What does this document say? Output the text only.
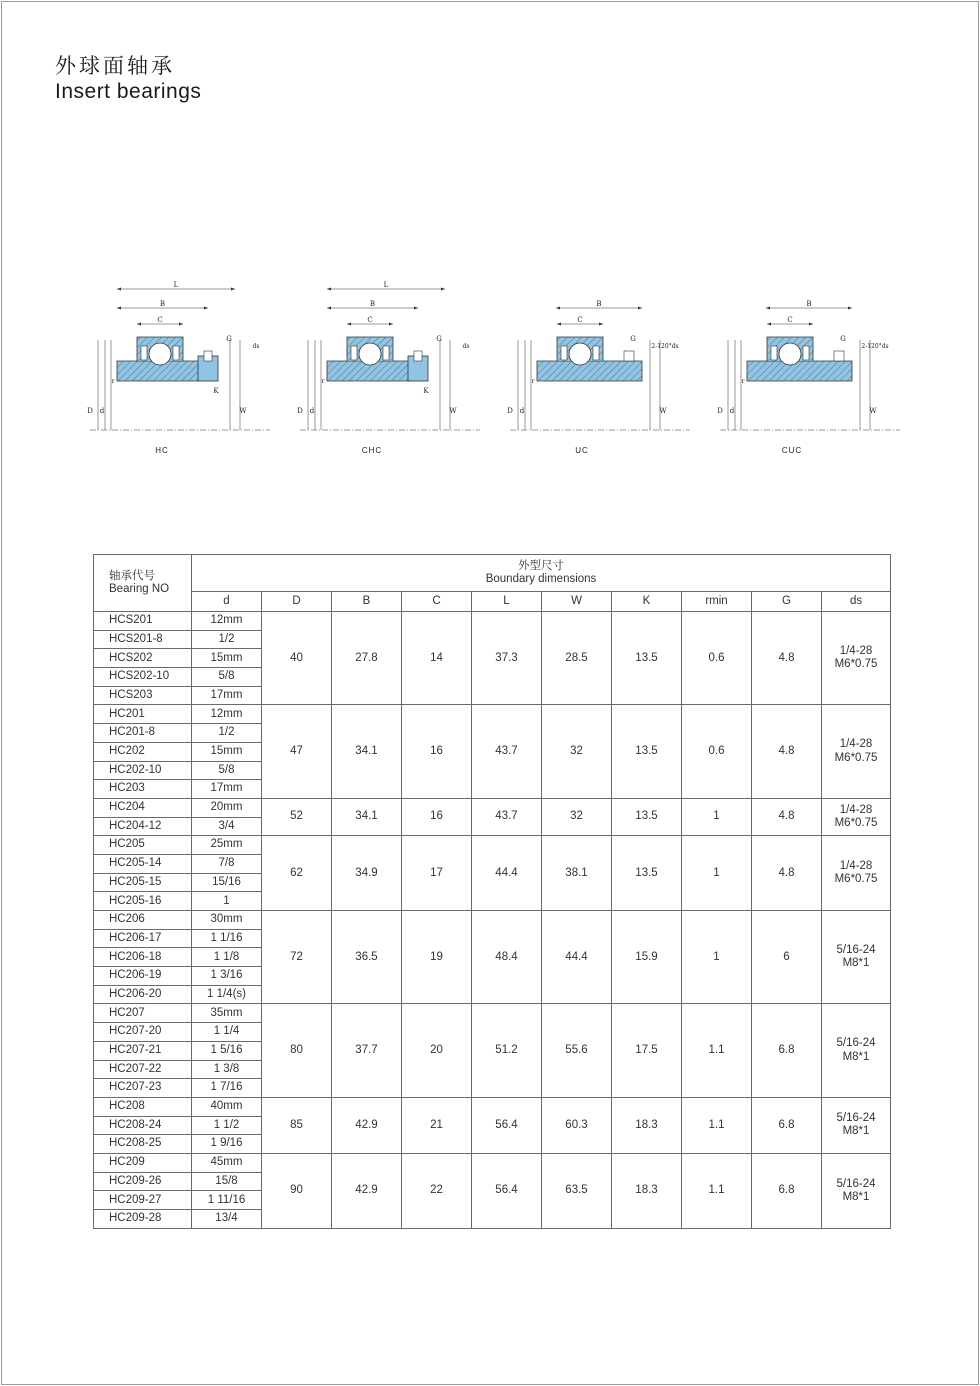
外球面轴承
Insert bearings
L
B
C
G
ds
K
D d	W
r
HC
L
B
C
G
ds
K
D d	W
r
CHC
B
C
G
2-120°ds
D d	W
r
UC
B
C
G
2-120°ds
D d	W
r
CUC
轴承代号
Bearing NO	外型尺寸
Boundary dimensions									

	d	D	B	C	L	W	K	rmin	G	ds
HCS201	12mm	40	27.8	14	37.3	28.5	13.5	0.6	4.8	1/4-28
M6*0.75

HCS201-8	1/2									
HCS202	15mm									
HCS202-10	5/8									
HCS203	17mm									
HC201	12mm	47	34.1	16	43.7	32	13.5	0.6	4.8	1/4-28
M6*0.75

HC201-8	1/2									
HC202	15mm									
HC202-10	5/8									
HC203	17mm									
HC204	20mm	52	34.1	16	43.7	32	13.5	1	4.8	1/4-28
M6*0.75

HC204-12	3/4									
HC205	25mm	62	34.9	17	44.4	38.1	13.5	1	4.8	1/4-28
M6*0.75

HC205-14	7/8									
HC205-15	15/16									
HC205-16	1									
HC206	30mm	72	36.5	19	48.4	44.4	15.9	1	6	5/16-24
M8*1

HC206-17	1 1/16									
HC206-18	1 1/8									
HC206-19	1 3/16									
HC206-20	1 1/4(s)									
HC207	35mm	80	37.7	20	51.2	55.6	17.5	1.1	6.8	5/16-24
M8*1

HC207-20	1 1/4									
HC207-21	1 5/16									
HC207-22	1 3/8									
HC207-23	1 7/16									
HC208	40mm	85	42.9	21	56.4	60.3	18.3	1.1	6.8	5/16-24
M8*1

HC208-24	1 1/2									
HC208-25	1 9/16									
HC209	45mm	90	42.9	22	56.4	63.5	18.3	1.1	6.8	5/16-24
M8*1

HC209-26	15/8									
HC209-27	1 11/16									
HC209-28	13/4									
